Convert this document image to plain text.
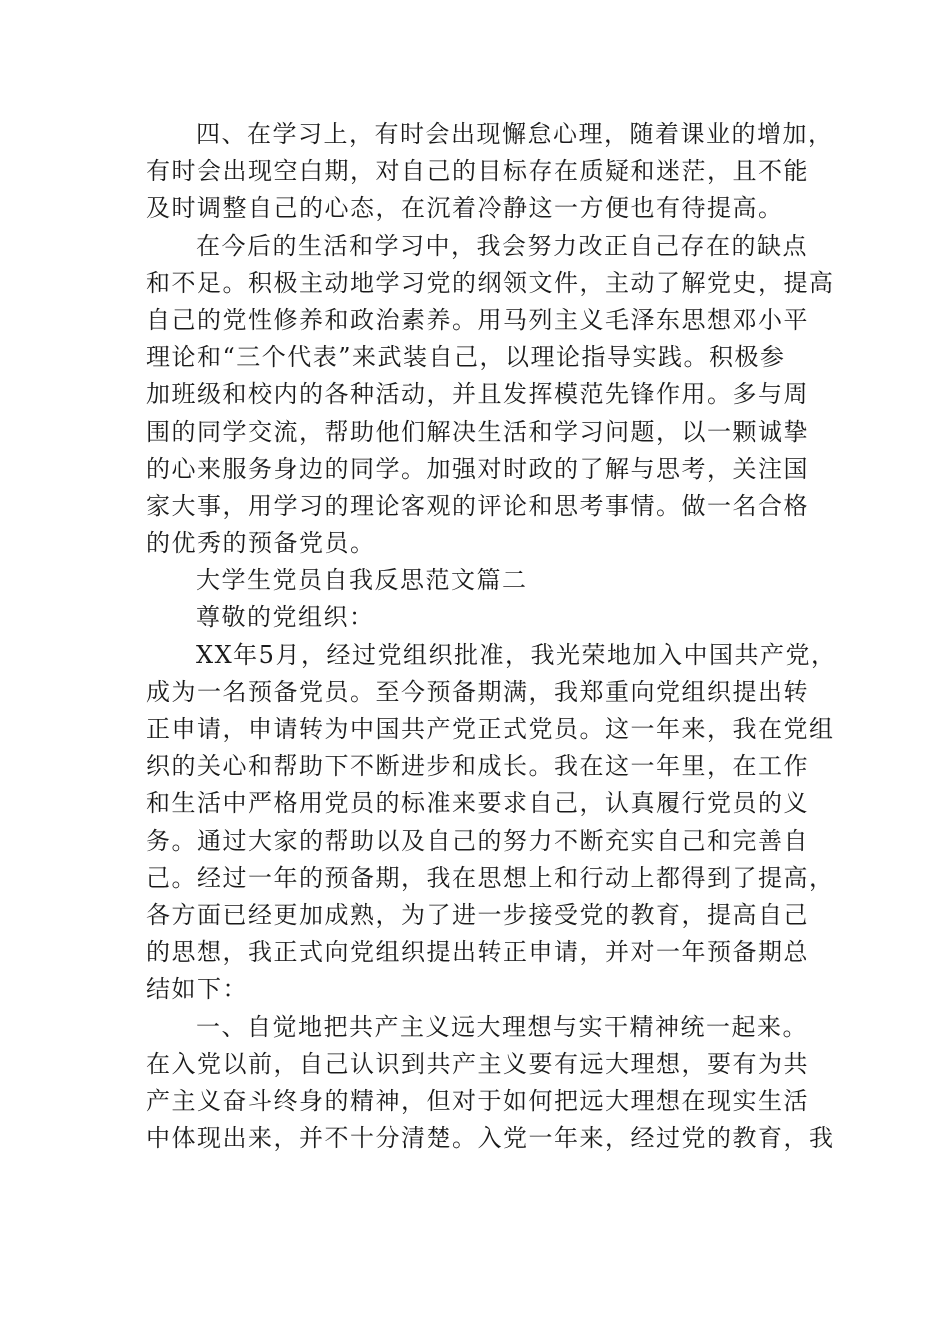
四、在学习上，有时会出现懈怠心理，随着课业的增加，
有时会出现空白期，对自己的目标存在质疑和迷茫，且不能
及时调整自己的心态，在沉着冷静这一方便也有待提高。
在今后的生活和学习中，我会努力改正自己存在的缺点
和不足。积极主动地学习党的纲领文件，主动了解党史，提高
自己的党性修养和政治素养。用马列主义毛泽东思想邓小平
理论和“三个代表”来武装自己，以理论指导实践。积极参
加班级和校内的各种活动，并且发挥模范先锋作用。多与周
围的同学交流，帮助他们解决生活和学习问题，以一颗诚挚
的心来服务身边的同学。加强对时政的了解与思考，关注国
家大事，用学习的理论客观的评论和思考事情。做一名合格
的优秀的预备党员。
大学生党员自我反思范文篇二
尊敬的党组织：
XX年5月，经过党组织批准，我光荣地加入中国共产党，
成为一名预备党员。至今预备期满，我郑重向党组织提出转
正申请，申请转为中国共产党正式党员。这一年来，我在党组
织的关心和帮助下不断进步和成长。我在这一年里，在工作
和生活中严格用党员的标准来要求自己，认真履行党员的义
务。通过大家的帮助以及自己的努力不断充实自己和完善自
己。经过一年的预备期，我在思想上和行动上都得到了提高，
各方面已经更加成熟，为了进一步接受党的教育，提高自己
的思想，我正式向党组织提出转正申请，并对一年预备期总
结如下：
一、自觉地把共产主义远大理想与实干精神统一起来。
在入党以前，自己认识到共产主义要有远大理想，要有为共
产主义奋斗终身的精神，但对于如何把远大理想在现实生活
中体现出来，并不十分清楚。入党一年来，经过党的教育，我
